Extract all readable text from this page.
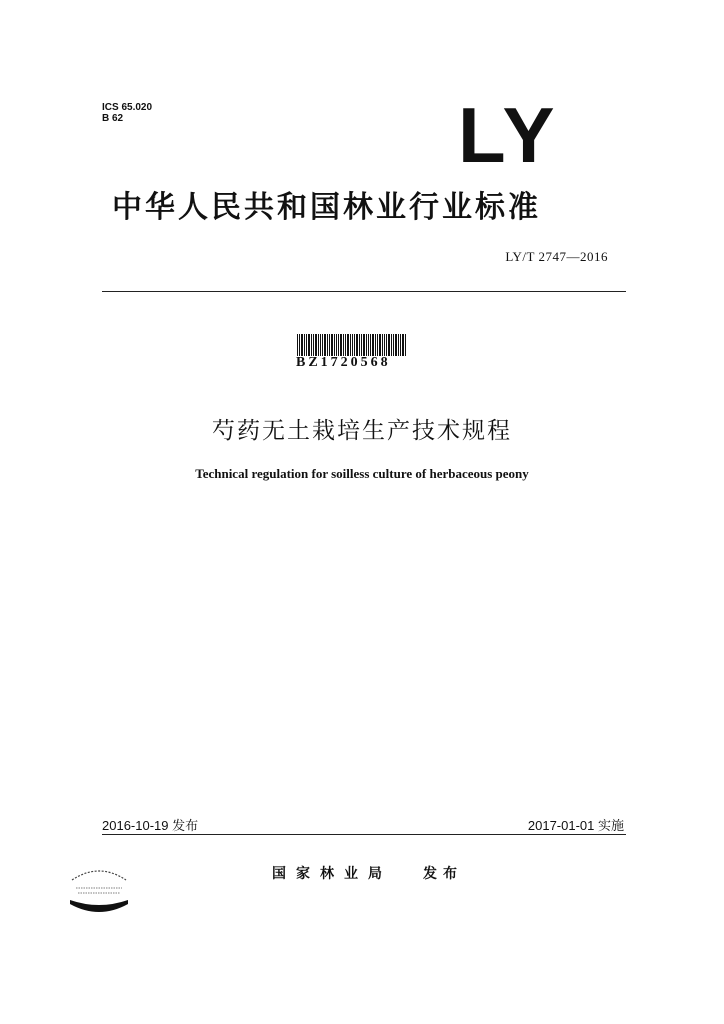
ICS 65.020
B 62	LY
中华人民共和国林业行业标准
LY/T 2747—2016
BZ1720568
芍药无土栽培生产技术规程
Technical regulation for soilless culture of herbaceous peony
2016-10-19 发布	2017-01-01 实施
国家林业局 发布
